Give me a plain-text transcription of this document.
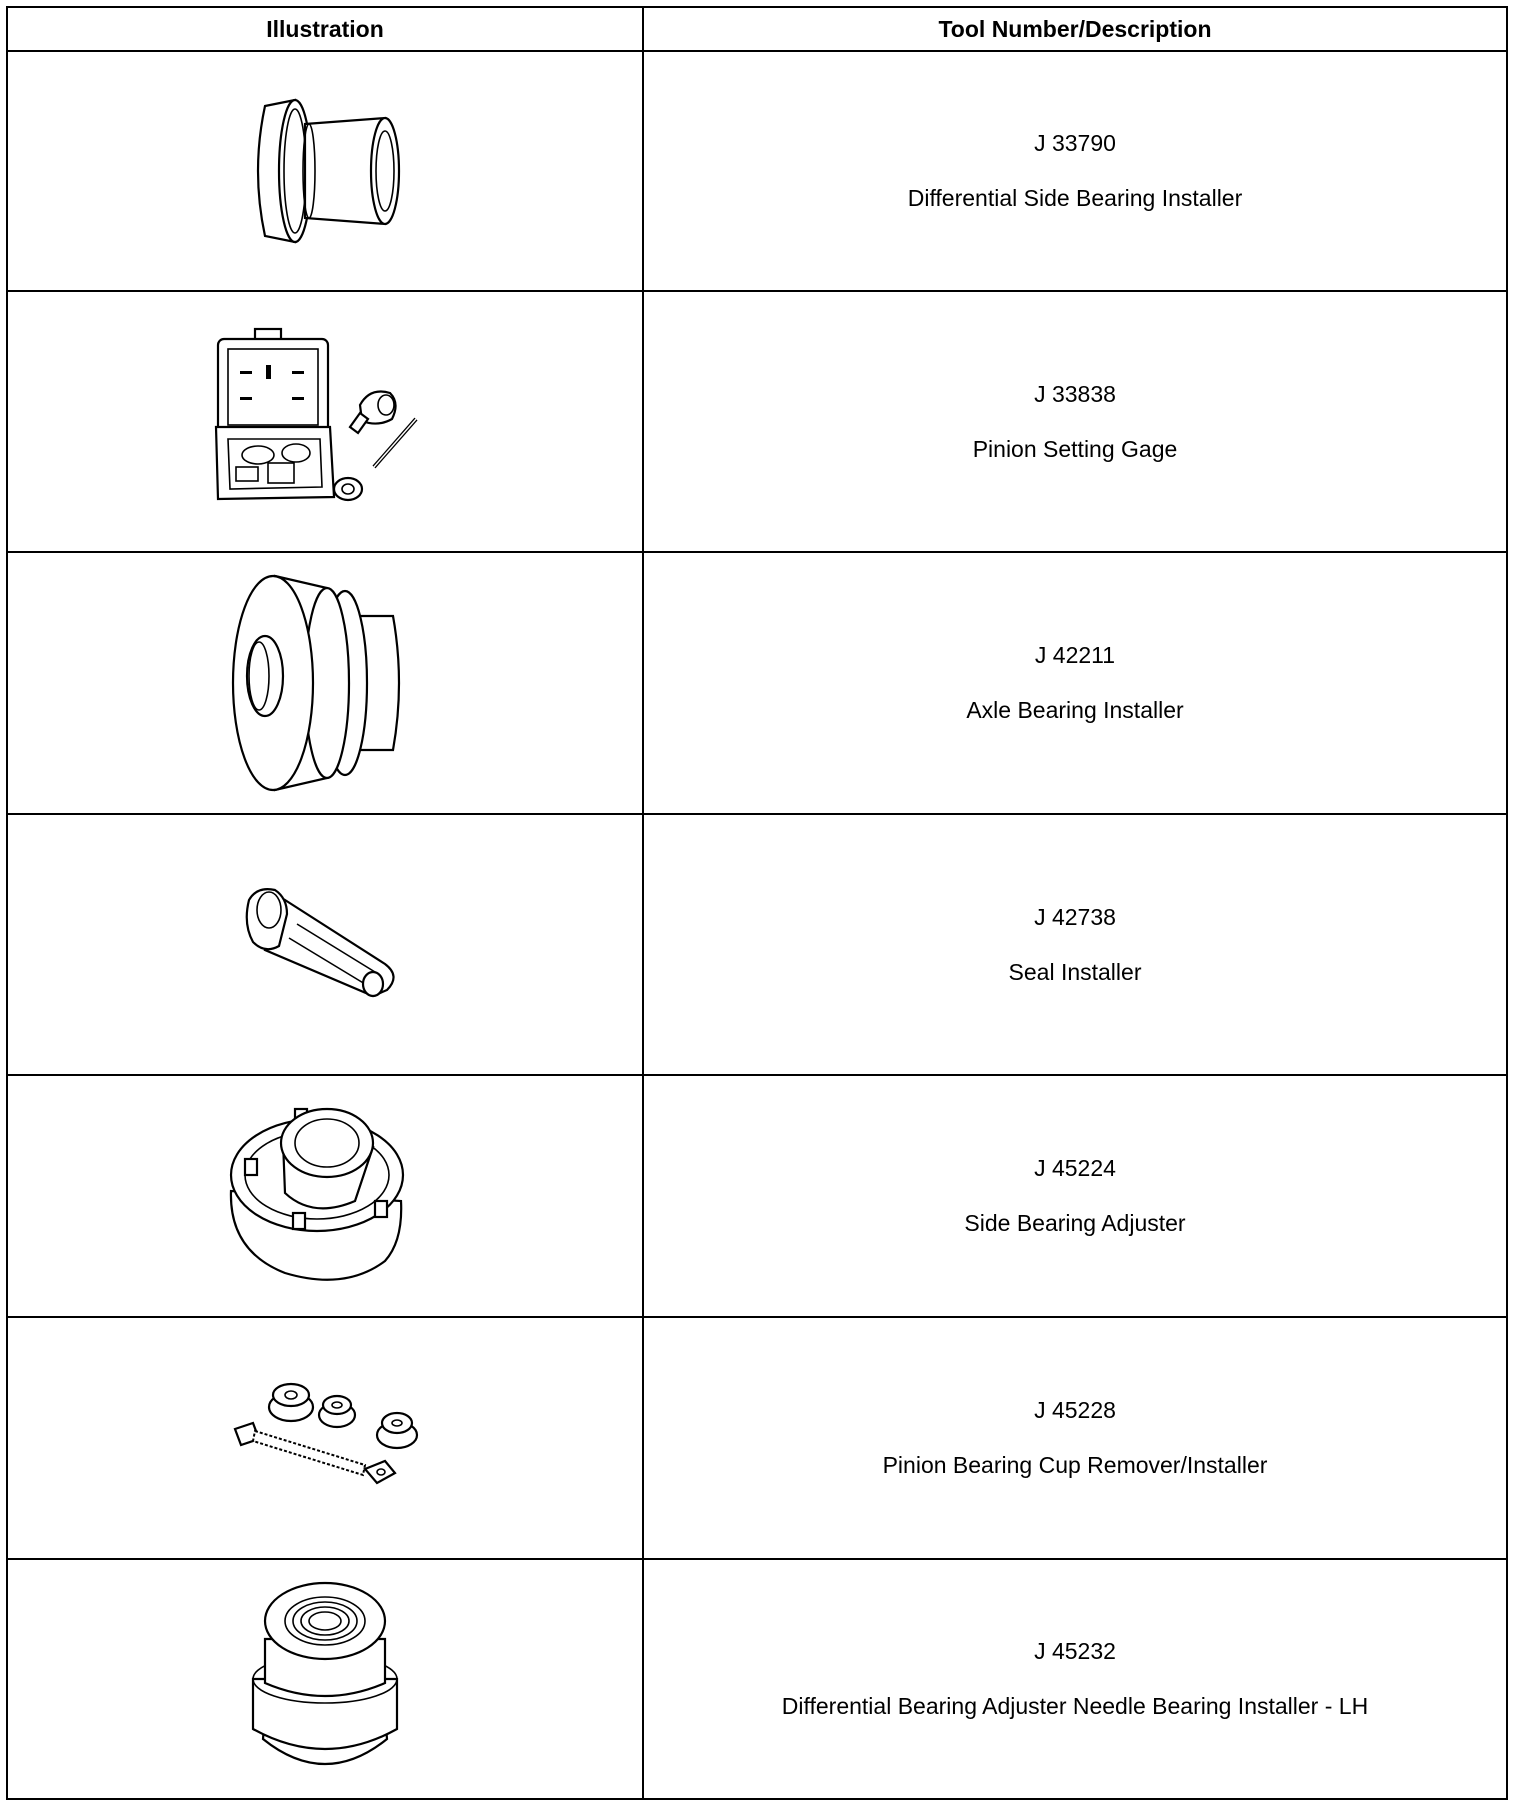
Illustration	Tool Number/Description

J 33790
Differential Side Bearing Installer

J 33838
Pinion Setting Gage

J 42211
Axle Bearing Installer

J 42738
Seal Installer

J 45224
Side Bearing Adjuster

J 45228
Pinion Bearing Cup Remover/Installer

J 45232
Differential Bearing Adjuster Needle Bearing Installer - LH
